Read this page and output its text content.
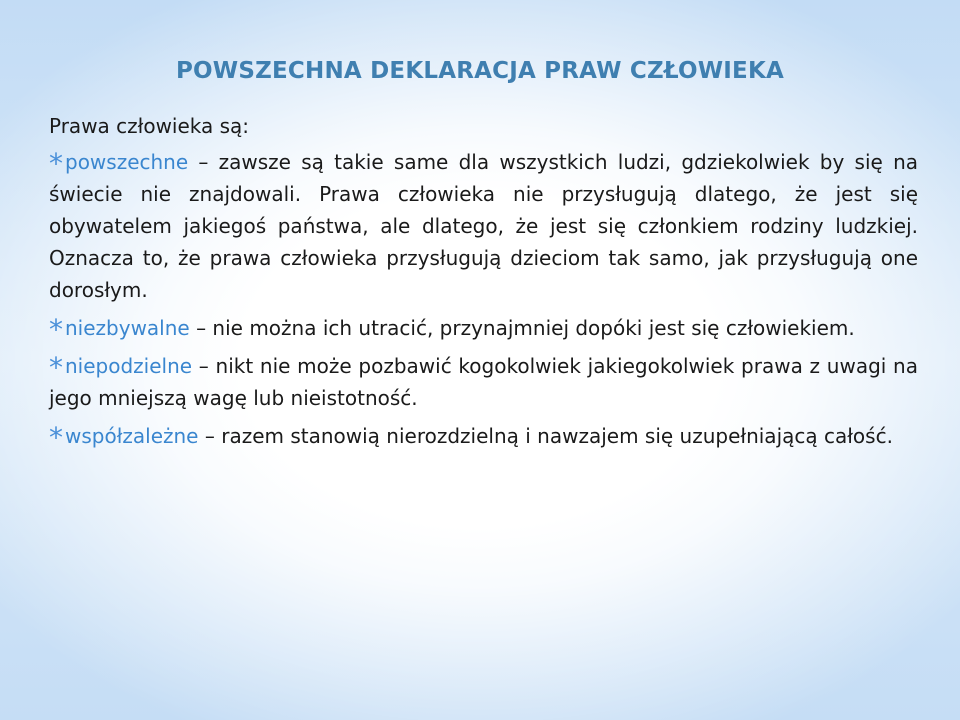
POWSZECHNA DEKLARACJA PRAW CZŁOWIEKA

Prawa człowieka są:

* powszechne – zawsze są takie same dla wszystkich ludzi, gdziekolwiek by się na świecie nie znajdowali. Prawa człowieka nie przysługują dlatego, że jest się obywatelem jakiegoś państwa, ale dlatego, że jest się członkiem rodziny ludzkiej. Oznacza to, że prawa człowieka przysługują dzieciom tak samo, jak przysługują one dorosłym.

* niezbywalne – nie można ich utracić, przynajmniej dopóki jest się człowiekiem.

* niepodzielne – nikt nie może pozbawić kogokolwiek jakiegokolwiek prawa z uwagi na jego mniejszą wagę lub nieistotność.

* współzależne – razem stanowią nierozdzielną i nawzajem się uzupełniającą całość.
